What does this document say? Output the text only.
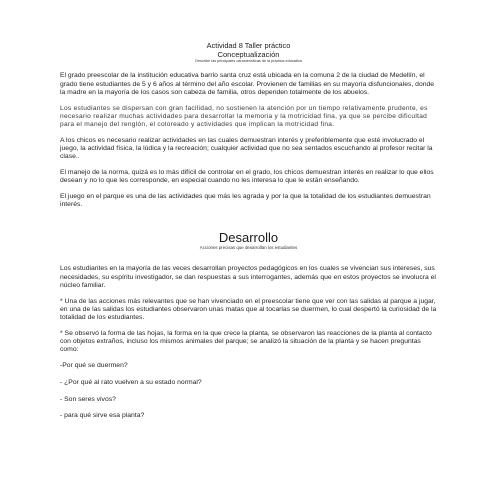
Actividad 8 Taller práctico

Conceptualización

Describe las principales características de la práctica educativa

El grado preescolar de la institución educativa barrio santa cruz está ubicada en la comuna 2 de la ciudad de Medellín, el grado tiene estudiantes de 5 y 6 años al término del año escolar. Provienen de familias en su mayoría disfuncionales, donde la madre en la mayoría de los casos son cabeza de familia, otros dependen totalmente de los abuelos.

Los estudiantes se dispersan con gran facilidad, no sostienen la atención por un tiempo relativamente prudente, es necesario realizar muchas actividades para desarrollar la memoria y la motricidad fina, ya que se percibe dificultad para el manejo del renglón, el coloreado y actividades que implican la motricidad fina.

A los chicos es necesario realizar actividades en las cuales demuestran interés y preferiblemente que esté involucrado el juego, la actividad física, la lúdica y la recreación; cualquier actividad que no sea sentados escuchando al profesor recitar la clase..

El manejo de la norma, quizá es lo más difícil de controlar en el grado, los chicos demuestran interés en realizar lo que ellos desean y no lo que les corresponde, en especial cuando no les interesa lo que le están enseñando.

El juego en el parque es una de las actividades que más les agrada y por la que la totalidad de los estudiantes demuestran interés.

Desarrollo

Acciones precisas que desarrollan los estudiantes

Los estudiantes en la mayoría de las veces desarrollan proyectos pedagógicos en los cuales se vivencian sus intereses, sus necesidades, su espíritu investigador, se dan respuestas a sus interrogantes, además que en estos proyectos se involucra el núcleo familiar.

* Una de las acciones más relevantes que se han vivenciado en el preescolar tiene que ver con las salidas al parque a jugar, en una de las salidas los estudiantes observaron unas matas que al tocarlas se duermen, lo cual despertó la curiosidad de la totalidad de los estudiantes.

* Se observó la forma de las hojas, la forma en la que crece la planta, se observaron las reacciones de la planta al contacto con objetos extraños, incluso los mismos animales del parque; se analizó la situación de la planta y se hacen preguntas como:

-Por qué se duermen?

- ¿Por qué al rato vuelven a su estado normal?

- Son seres vivos?

- para qué sirve esa planta?
